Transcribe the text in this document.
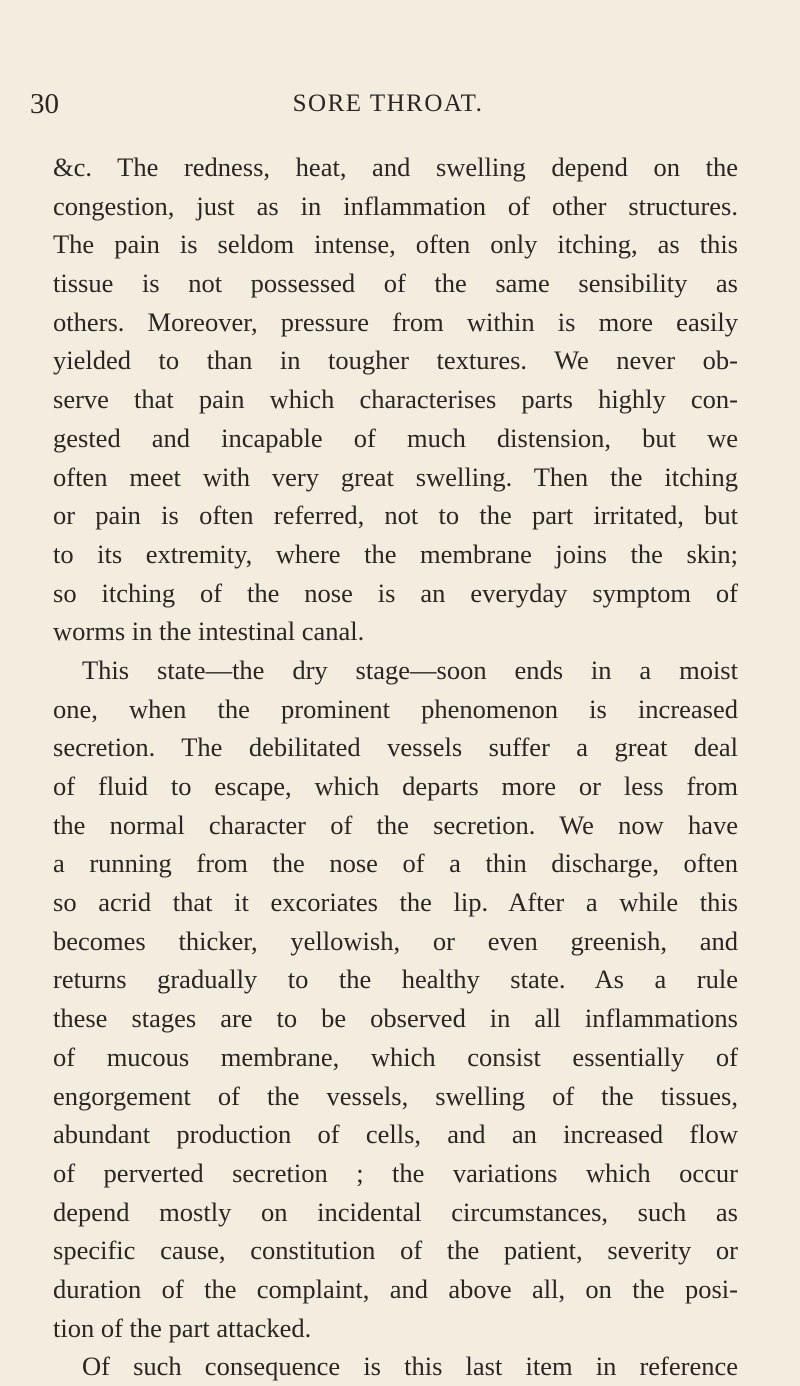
30	SORE THROAT.
&c. The redness, heat, and swelling depend on the
congestion, just as in inflammation of other structures.
The pain is seldom intense, often only itching, as this
tissue is not possessed of the same sensibility as
others. Moreover, pressure from within is more easily
yielded to than in tougher textures. We never ob-
serve that pain which characterises parts highly con-
gested and incapable of much distension, but we
often meet with very great swelling. Then the itching
or pain is often referred, not to the part irritated, but
to its extremity, where the membrane joins the skin;
so itching of the nose is an everyday symptom of
worms in the intestinal canal.
This state—the dry stage—soon ends in a moist
one, when the prominent phenomenon is increased
secretion. The debilitated vessels suffer a great deal
of fluid to escape, which departs more or less from
the normal character of the secretion. We now have
a running from the nose of a thin discharge, often
so acrid that it excoriates the lip. After a while this
becomes thicker, yellowish, or even greenish, and
returns gradually to the healthy state. As a rule
these stages are to be observed in all inflammations
of mucous membrane, which consist essentially of
engorgement of the vessels, swelling of the tissues,
abundant production of cells, and an increased flow
of perverted secretion ; the variations which occur
depend mostly on incidental circumstances, such as
specific cause, constitution of the patient, severity or
duration of the complaint, and above all, on the posi-
tion of the part attacked.
Of such consequence is this last item in reference
